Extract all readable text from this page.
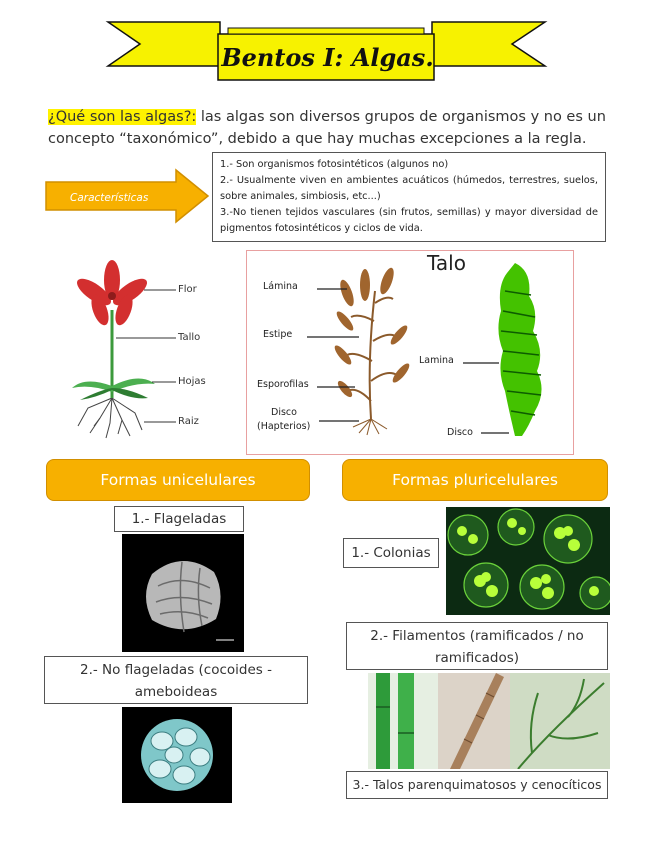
Bentos I: Algas.
¿Qué son las algas?: las algas son diversos grupos de organismos y no es un concepto “taxonómico”, debido a que hay muchas excepciones a la regla.
Características

1.- Son organismos fotosintéticos (algunos no)

2.- Usualmente viven en ambientes acuáticos (húmedos, terrestres, suelos, sobre animales, simbiosis, etc...)

3.-No tienen tejidos vasculares (sin frutos, semillas) y mayor diversidad de pigmentos fotosintéticos y ciclos de vida.

Flor
Tallo
Hojas
Raiz
Talo
Lámina
Estipe
Esporofilas
Disco
(Hapterios)
Lamina
Disco
Formas unicelulares	Formas pluricelulares
1.- Flageladas
2.- No flageladas (cocoides -
ameboideas
1.- Colonias
2.- Filamentos (ramificados / no
ramificados)
3.- Talos parenquimatosos y cenocíticos
